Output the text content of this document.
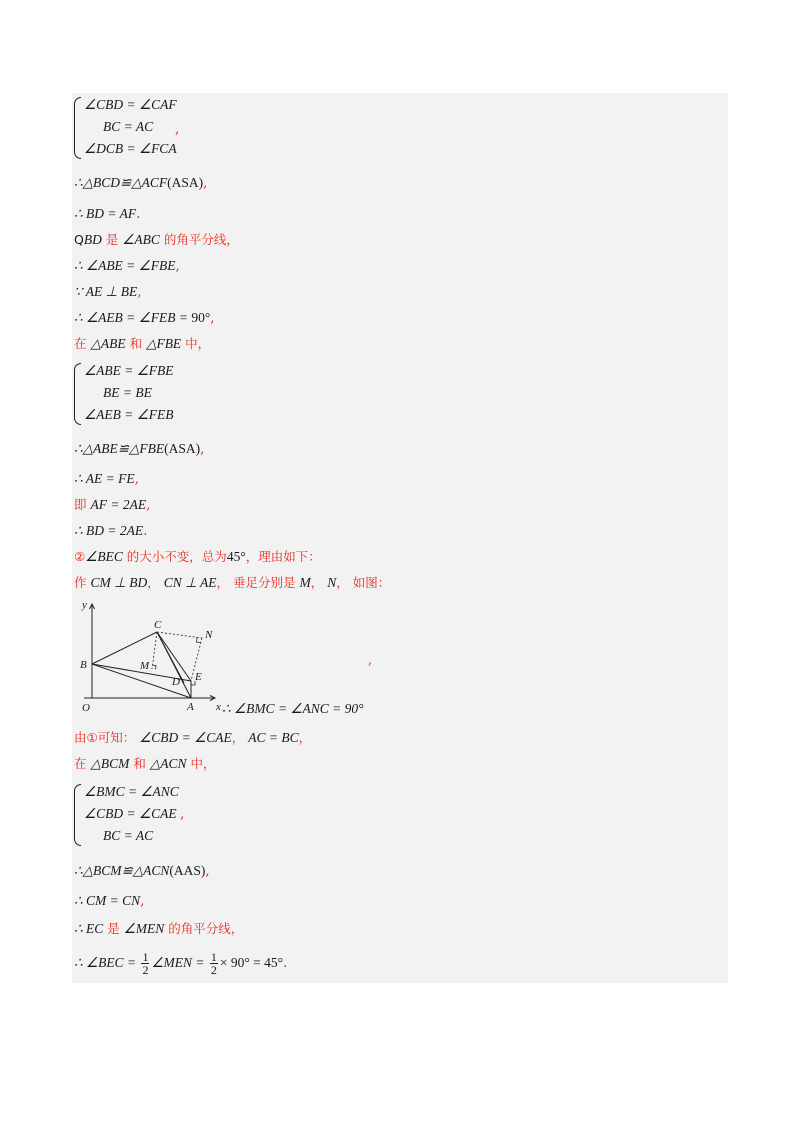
∠CBD = ∠CAF
BC = AC
∠DCB = ∠FCA
,
∴△BCD≌△ACF(ASA),
∴ BD = AF.
QBD 是 ∠ABC 的角平分线，
∴ ∠ABE = ∠FBE,
∵ AE ⊥ BE,
∴ ∠AEB = ∠FEB = 90°,
在 △ABE 和 △FBE 中，
∠ABE = ∠FBE
BE = BE
∠AEB = ∠FEB
∴△ABE≌△FBE(ASA),
∴ AE = FE,
即 AF = 2AE,
∴ BD = 2AE.
②∠BEC 的大小不变，总为45°，理由如下：
作 CM ⊥ BD， CN ⊥ AE， 垂足分别是 M， N， 如图：
y
x
O	A
B
C
D E
M
N
,
∴ ∠BMC = ∠ANC = 90°
由①可知： ∠CBD = ∠CAE， AC = BC，
在 △BCM 和 △ACN 中，
∠BMC = ∠ANC
∠CBD = ∠CAE
BC = AC
,
∴△BCM≌△ACN(AAS),
∴ CM = CN,
∴ EC 是 ∠MEN 的角平分线，
∴ ∠BEC = $\frac{1}{2}$ ∠MEN = $\frac{1}{2} \times 90^\circ = 45^\circ$.
